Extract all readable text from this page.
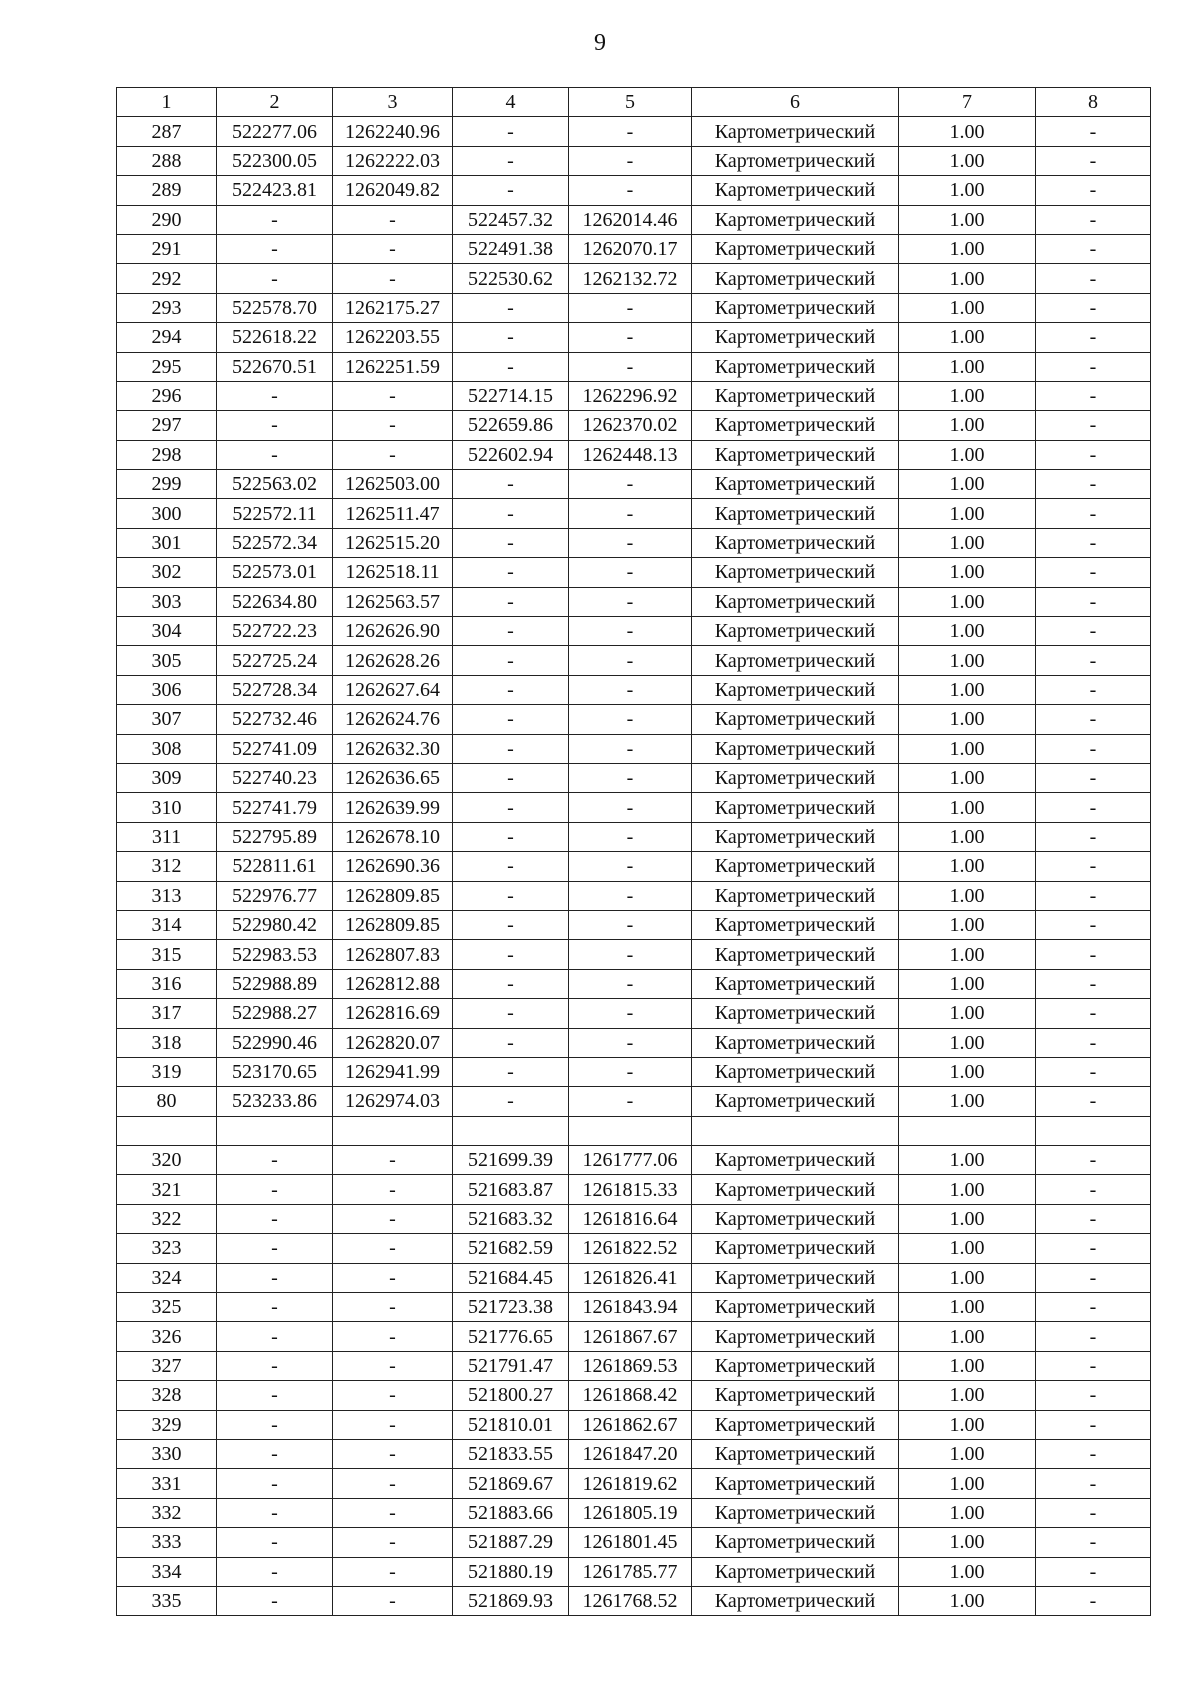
9
1	2	3	4	5	6	7	8
287	522277.06	1262240.96	-	-	Картометрический	1.00	-
288	522300.05	1262222.03	-	-	Картометрический	1.00	-
289	522423.81	1262049.82	-	-	Картометрический	1.00	-
290	-	-	522457.32	1262014.46	Картометрический	1.00	-
291	-	-	522491.38	1262070.17	Картометрический	1.00	-
292	-	-	522530.62	1262132.72	Картометрический	1.00	-
293	522578.70	1262175.27	-	-	Картометрический	1.00	-
294	522618.22	1262203.55	-	-	Картометрический	1.00	-
295	522670.51	1262251.59	-	-	Картометрический	1.00	-
296	-	-	522714.15	1262296.92	Картометрический	1.00	-
297	-	-	522659.86	1262370.02	Картометрический	1.00	-
298	-	-	522602.94	1262448.13	Картометрический	1.00	-
299	522563.02	1262503.00	-	-	Картометрический	1.00	-
300	522572.11	1262511.47	-	-	Картометрический	1.00	-
301	522572.34	1262515.20	-	-	Картометрический	1.00	-
302	522573.01	1262518.11	-	-	Картометрический	1.00	-
303	522634.80	1262563.57	-	-	Картометрический	1.00	-
304	522722.23	1262626.90	-	-	Картометрический	1.00	-
305	522725.24	1262628.26	-	-	Картометрический	1.00	-
306	522728.34	1262627.64	-	-	Картометрический	1.00	-
307	522732.46	1262624.76	-	-	Картометрический	1.00	-
308	522741.09	1262632.30	-	-	Картометрический	1.00	-
309	522740.23	1262636.65	-	-	Картометрический	1.00	-
310	522741.79	1262639.99	-	-	Картометрический	1.00	-
311	522795.89	1262678.10	-	-	Картометрический	1.00	-
312	522811.61	1262690.36	-	-	Картометрический	1.00	-
313	522976.77	1262809.85	-	-	Картометрический	1.00	-
314	522980.42	1262809.85	-	-	Картометрический	1.00	-
315	522983.53	1262807.83	-	-	Картометрический	1.00	-
316	522988.89	1262812.88	-	-	Картометрический	1.00	-
317	522988.27	1262816.69	-	-	Картометрический	1.00	-
318	522990.46	1262820.07	-	-	Картометрический	1.00	-
319	523170.65	1262941.99	-	-	Картометрический	1.00	-
80	523233.86	1262974.03	-	-	Картометрический	1.00	-

320	-	-	521699.39	1261777.06	Картометрический	1.00	-
321	-	-	521683.87	1261815.33	Картометрический	1.00	-
322	-	-	521683.32	1261816.64	Картометрический	1.00	-
323	-	-	521682.59	1261822.52	Картометрический	1.00	-
324	-	-	521684.45	1261826.41	Картометрический	1.00	-
325	-	-	521723.38	1261843.94	Картометрический	1.00	-
326	-	-	521776.65	1261867.67	Картометрический	1.00	-
327	-	-	521791.47	1261869.53	Картометрический	1.00	-
328	-	-	521800.27	1261868.42	Картометрический	1.00	-
329	-	-	521810.01	1261862.67	Картометрический	1.00	-
330	-	-	521833.55	1261847.20	Картометрический	1.00	-
331	-	-	521869.67	1261819.62	Картометрический	1.00	-
332	-	-	521883.66	1261805.19	Картометрический	1.00	-
333	-	-	521887.29	1261801.45	Картометрический	1.00	-
334	-	-	521880.19	1261785.77	Картометрический	1.00	-
335	-	-	521869.93	1261768.52	Картометрический	1.00	-
